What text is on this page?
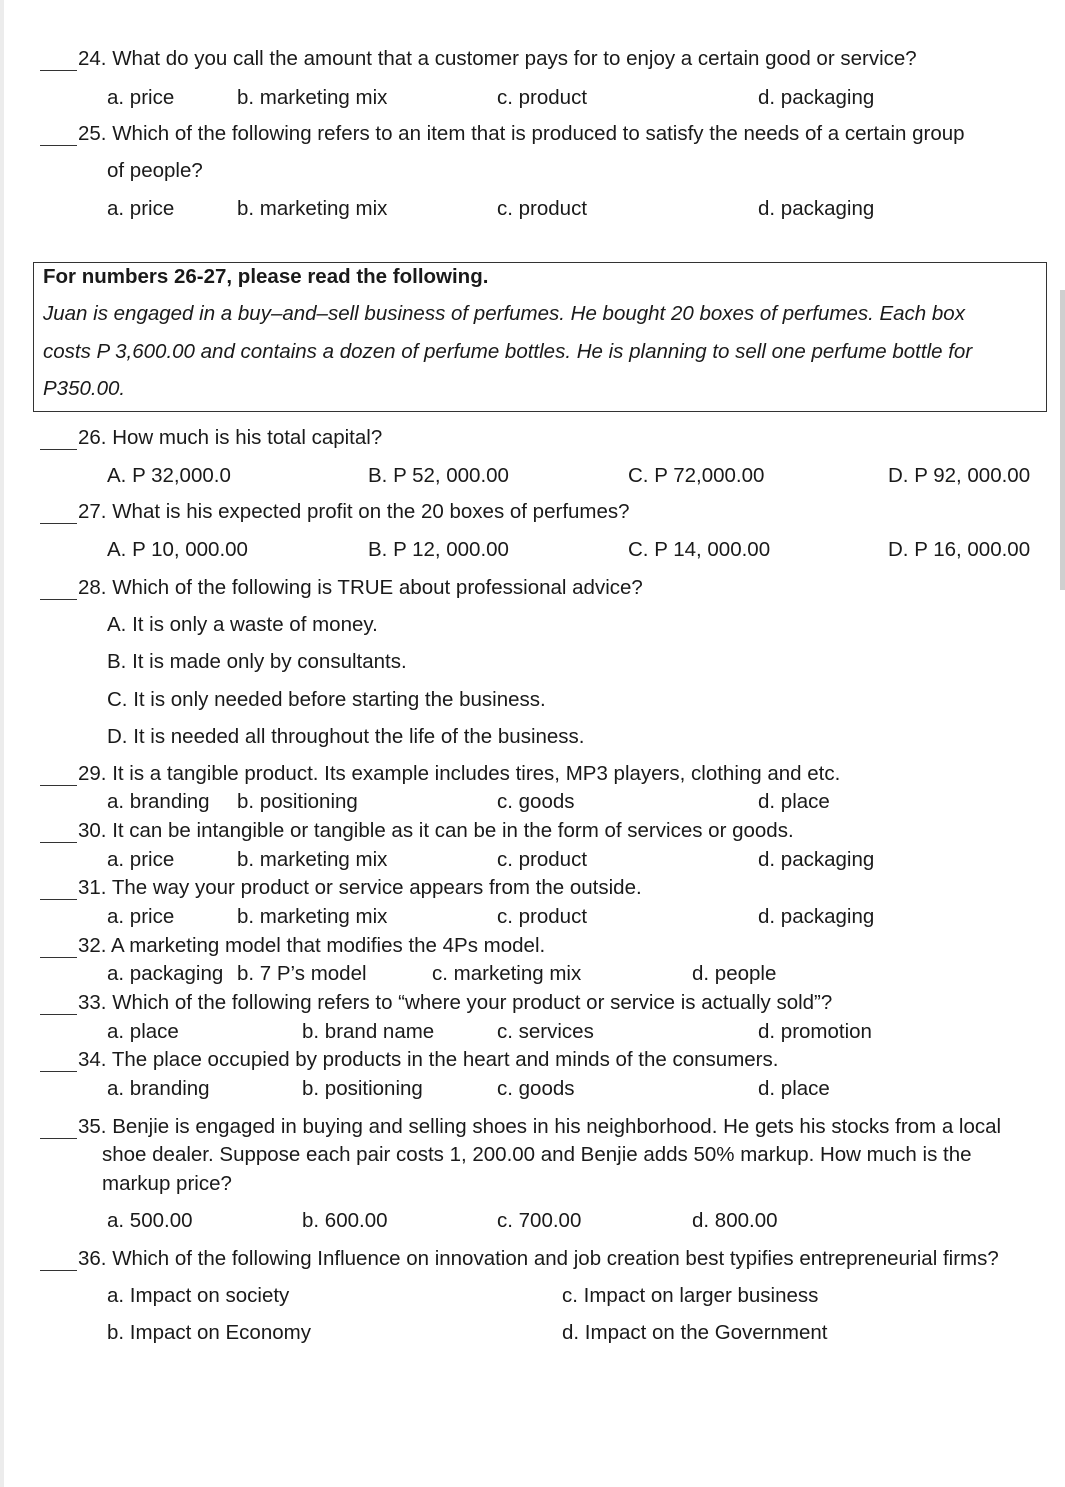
24. What do you call the amount that a customer pays for to enjoy a certain good or service?
a. price	b. marketing mix	c. product	d. packaging
25. Which of the following refers to an item that is produced to satisfy the needs of a certain group
of people?
a. price	b. marketing mix	c. product	d. packaging
For numbers 26-27, please read the following.
Juan is engaged in a buy–and–sell business of perfumes. He bought 20 boxes of perfumes. Each box
costs P 3,600.00 and contains a dozen of perfume bottles. He is planning to sell one perfume bottle for
P350.00.
26. How much is his total capital?
A. P 32,000.0	B. P 52, 000.00	C. P 72,000.00	D. P 92, 000.00
27. What is his expected profit on the 20 boxes of perfumes?
A. P 10, 000.00	B. P 12, 000.00	C. P 14, 000.00	D. P 16, 000.00
28. Which of the following is TRUE about professional advice?
A. It is only a waste of money.
B. It is made only by consultants.
C. It is only needed before starting the business.
D. It is needed all throughout the life of the business.
29. It is a tangible product. Its example includes tires, MP3 players, clothing and etc.
a. branding b. positioning	c. goods	d. place
30. It can be intangible or tangible as it can be in the form of services or goods.
a. price	b. marketing mix	c. product	d. packaging
31. The way your product or service appears from the outside.
a. price	b. marketing mix	c. product	d. packaging
32. A marketing model that modifies the 4Ps model.
a. packaging b. 7 P’s model	c. marketing mix	d. people
33. Which of the following refers to “where your product or service is actually sold”?
a. place	b. brand name	c. services	d. promotion
34. The place occupied by products in the heart and minds of the consumers.
a. branding	b. positioning	c. goods	d. place
35. Benjie is engaged in buying and selling shoes in his neighborhood. He gets his stocks from a local
shoe dealer. Suppose each pair costs 1, 200.00 and Benjie adds 50% markup. How much is the
markup price?
a. 500.00	b. 600.00	c. 700.00	d. 800.00
36. Which of the following Influence on innovation and job creation best typifies entrepreneurial firms?
a. Impact on society	c. Impact on larger business
b. Impact on Economy	d. Impact on the Government
